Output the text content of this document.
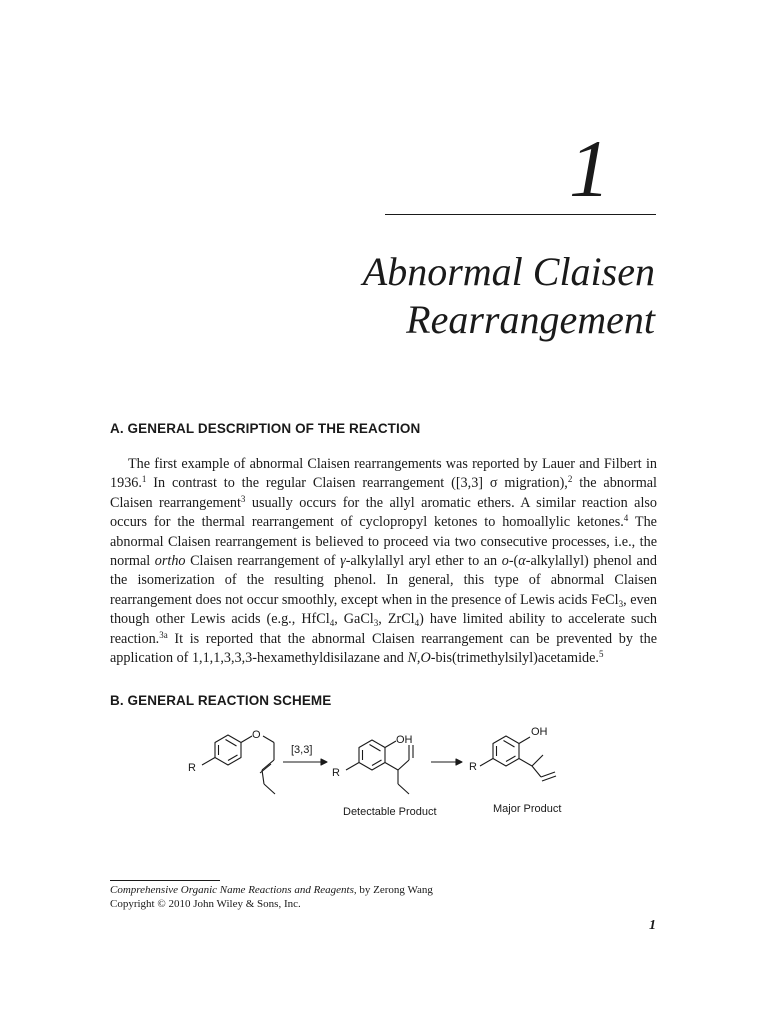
1
Abnormal Claisen
Rearrangement
A. GENERAL DESCRIPTION OF THE REACTION

The first example of abnormal Claisen rearrangements was reported by Lauer and Filbert in 1936.$^1$ In contrast to the regular Claisen rearrangement ([3,3] σ migration),$^2$ the abnormal Claisen rearrangement$^3$ usually occurs for the allyl aromatic ethers. A similar reaction also occurs for the thermal rearrangement of cyclopropyl ketones to homoallylic ketones.$^4$ The abnormal Claisen rearrangement is believed to proceed via two consecutive processes, i.e., the normal ortho Claisen rearrangement of γ-alkylallyl aryl ether to an o-(α-alkylallyl) phenol and the isomerization of the resulting phenol. In general, this type of abnormal Claisen rearrangement does not occur smoothly, except when in the presence of Lewis acids FeCl$_3$, even though other Lewis acids (e.g., HfCl$_4$, GaCl$_3$, ZrCl$_4$) have limited ability to accelerate such reaction.$^{3a}$ It is reported that the abnormal Claisen rearrangement can be prevented by the application of 1,1,1,3,3,3-hexamethyldisilazane and N,O-bis(trimethylsilyl)acetamide.$^5$

B. GENERAL REACTION SCHEME
R
O
[3,3]
R
OH
R
OH
Detectable Product	Major Product
Comprehensive Organic Name Reactions and Reagents, by Zerong Wang
Copyright © 2010 John Wiley & Sons, Inc.
1
